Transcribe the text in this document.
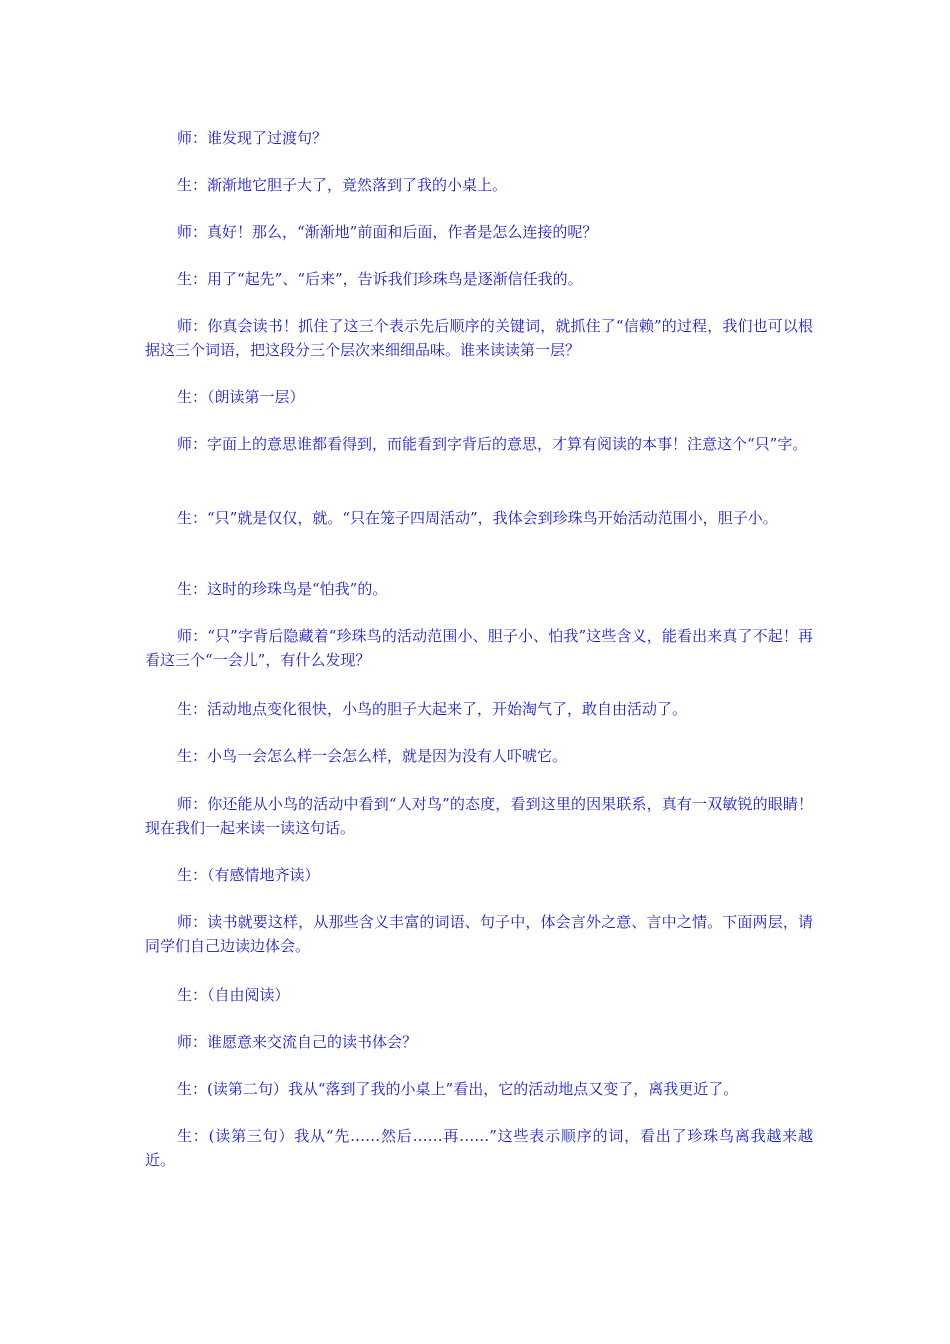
师：谁发现了过渡句？

生：渐渐地它胆子大了，竟然落到了我的小桌上。

师：真好！那么，“渐渐地”前面和后面，作者是怎么连接的呢？

生：用了“起先”、“后来”，告诉我们珍珠鸟是逐渐信任我的。

师：你真会读书！抓住了这三个表示先后顺序的关键词，就抓住了“信赖”的过程，我们也可以根据这三个词语，把这段分三个层次来细细品味。谁来读读第一层？

生：（朗读第一层）

师：字面上的意思谁都看得到，而能看到字背后的意思，才算有阅读的本事！注意这个“只”字。

生：“只”就是仅仅，就。“只在笼子四周活动”，我体会到珍珠鸟开始活动范围小，胆子小。

生：这时的珍珠鸟是“怕我”的。

师：“只”字背后隐藏着“珍珠鸟的活动范围小、胆子小、怕我”这些含义，能看出来真了不起！再看这三个“一会儿”，有什么发现？

生：活动地点变化很快，小鸟的胆子大起来了，开始淘气了，敢自由活动了。

生：小鸟一会怎么样一会怎么样，就是因为没有人吓唬它。

师：你还能从小鸟的活动中看到“人对鸟”的态度，看到这里的因果联系，真有一双敏锐的眼睛！现在我们一起来读一读这句话。

生：（有感情地齐读）

师：读书就要这样，从那些含义丰富的词语、句子中，体会言外之意、言中之情。下面两层，请同学们自己边读边体会。

生：（自由阅读）

师：谁愿意来交流自己的读书体会？

生：(读第二句）我从“落到了我的小桌上”看出，它的活动地点又变了，离我更近了。

生：(读第三句）我从“先……然后……再……”这些表示顺序的词，看出了珍珠鸟离我越来越近。
